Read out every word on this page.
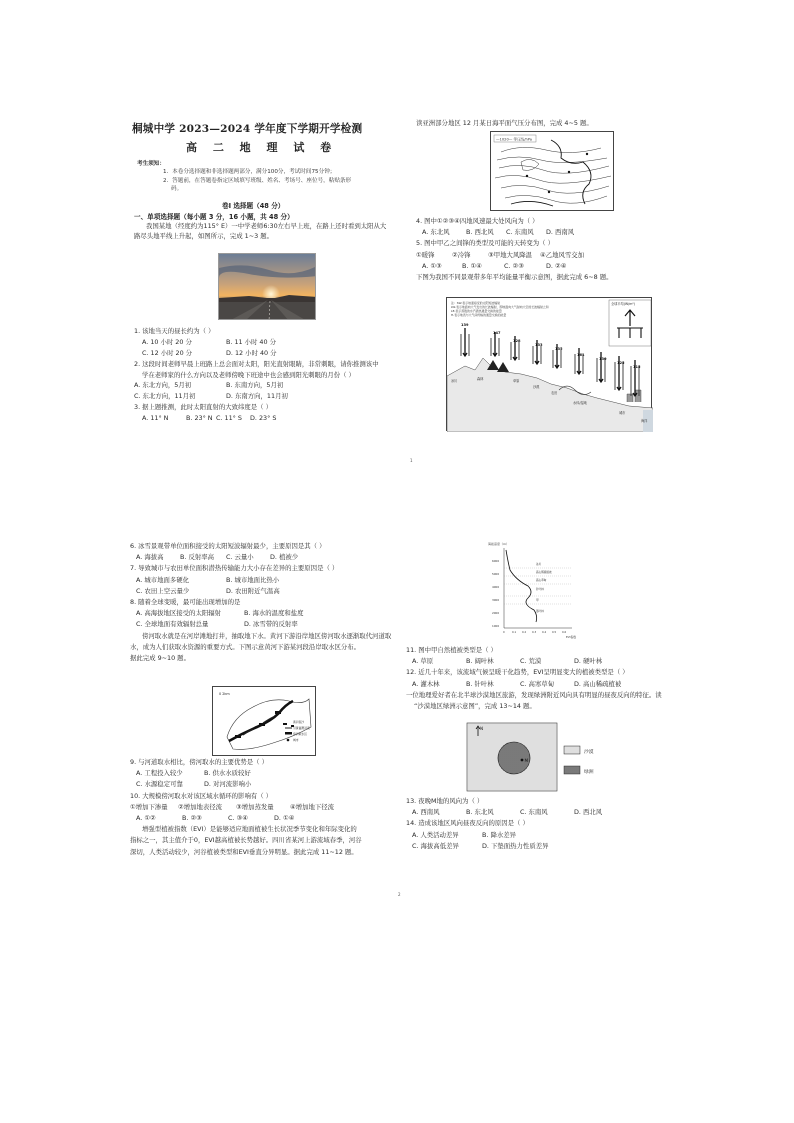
桐城中学 2023—2024 学年度下学期开学检测
高 二 地 理 试 卷
考生须知：
1．本卷分选择题和非选择题两部分，满分100分，考试时间75分钟；
2．答题前，在答题卷指定区域填写班级、姓名、考场号、座位号，粘贴条形
码。
卷Ⅰ 选择题（48 分）
一、单项选择题（每小题 3 分，16 小题，共 48 分）
我国某地（经度约为115° E）一中学老师6:30左右早上班，在路上还时看到太阳从大
路尽头地平线上升起，如图所示，完成 1~3 题。
1. 该地当天的昼长约为（ ）
A. 10 小时 20 分	B. 11 小时 40 分
C. 12 小时 20 分	D. 12 小时 40 分
2. 这段时间老师早晨上班路上总会面对太阳，阳光直射眼睛，非常刺眼，请你推测该中
学在老师家的什么方向以及老师傍晚下班途中也会感到阳光刺眼的月份（ ）
A. 东北方向，5月初	B. 东南方向，5月初
C. 东北方向，11月初	D. 东南方向，11月初
3. 据上题推测，此时太阳直射的大致纬度是（ ）
A. 11° N	B. 23° N C. 11° S	D. 23° S
读亚洲部分地区 12 月某日海平面气压分布图，完成 4~5 题。
—1020— 等压线/hPa
4. 图中①②③④四地风速最大处风向为（ ）
A. 东北风	B. 西北风	C. 东南风	D. 西南风
5. 图中甲乙之间锋的类型及可能的天转变为（ ）
①暖锋	②冷锋	③甲地大风降温	④乙地风雪交加
A. ①③	B. ①④	C. ②③	D. ②④
下图为我国不同景观带多年平均能量平衡示意图，据此完成 6~8 题。
注：SW-表示地面接受的太阳短波辐射
LW-表示地面向大气发出的长波辐射，即地面向大气射向大空的长波辐射之和
LE-表示蒸散的水汽潜热通量交换的能量
H-表示地表与大气间传输的通量交换的能量
全球平均(W/m²)
139
147
128
133
135
161
130
125
115
冰川	森林	草原
沙漠
农田
水体/湿地
城市
海洋
1
6. 冰雪景观带单位面积接受的太阳短波辐射最少，主要原因是其（ ）
A. 海拔高	B. 反射率高	C. 云量小	D. 植被少
7. 导致城市与农田单位面积潜热传输能力大小存在差异的主要原因是（ ）
A. 城市地面多硬化	B. 城市地面比热小
C. 农田上空云量少	D. 农田附近气温高
8. 随着全球变暖，最可能出现增加的是
A. 高海拔地区接受的太阳辐射	B. 海水的温度和盐度
C. 全球地面有效辐射总量	D. 冰雪带的反射率
傍河取水就是在河岸滩地打井，抽取地下水。黄河下游沿岸地区傍河取水逐渐取代河道取
水，成为人们获取水资源的重要方式。下图示意黄河下游某河段沿岸取水区分布。
据此完成 9~10 题。
0 2km
黄河泥沙
引黄灌溉河流
傍河取水区
城市
9. 与河道取水相比，傍河取水的主要优势是（ ）
A. 工程投入较少	B. 供水水质较好
C. 水源稳定可靠	D. 对河流影响小
10. 大规模傍河取水对该区域水循环的影响有（ ）
①增加下渗量	②增加地表径流	③增加蒸发量	④增加地下径流
A. ①②	B. ②③	C. ③④	D. ①④
增强型植被指数（EVI）是能够适应地面植被生长状况季节变化和年际变化的
指标之一，其主值介于0，EVI越高植被长势越好。四川省某河上游流域春季，河谷
深切，人类活动较少，河谷植被类型和EVI垂直分异明显。据此完成 11~12 题。
海拔高度（m）
6000
5000
4000
3000
2000
1000
0	0.1 0.2 0.3 0.4 0.5 0.6
EVI指数
冰川
高山稀疏植被
高山草甸
针叶林
甲
落叶林
11. 图中甲自然植被类型是（ ）
A. 草原	B. 阔叶林	C. 荒漠	D. 硬叶林
12. 近几十年来，该流域气候呈暖干化趋势，EVI呈明显变大的植被类型是（ ）
A. 灌木林	B. 针叶林	C. 高寒草甸	D. 高山稀疏植被
一位地理爱好者在北半球沙漠地区旅游，发现绿洲附近风向具有明显的昼夜反向的特征。读
“沙漠地区绿洲示意图”，完成 13~14 题。
M
N
沙漠
绿洲
13. 夜晚M地的风向为（ ）
A. 西南风	B. 东北风	C. 东南风	D. 西北风
14. 造成该地区风向昼夜反向的原因是（ ）
A. 人类活动差异	B. 降水差异
C. 海拔高低差异	D. 下垫面热力性质差异
2
